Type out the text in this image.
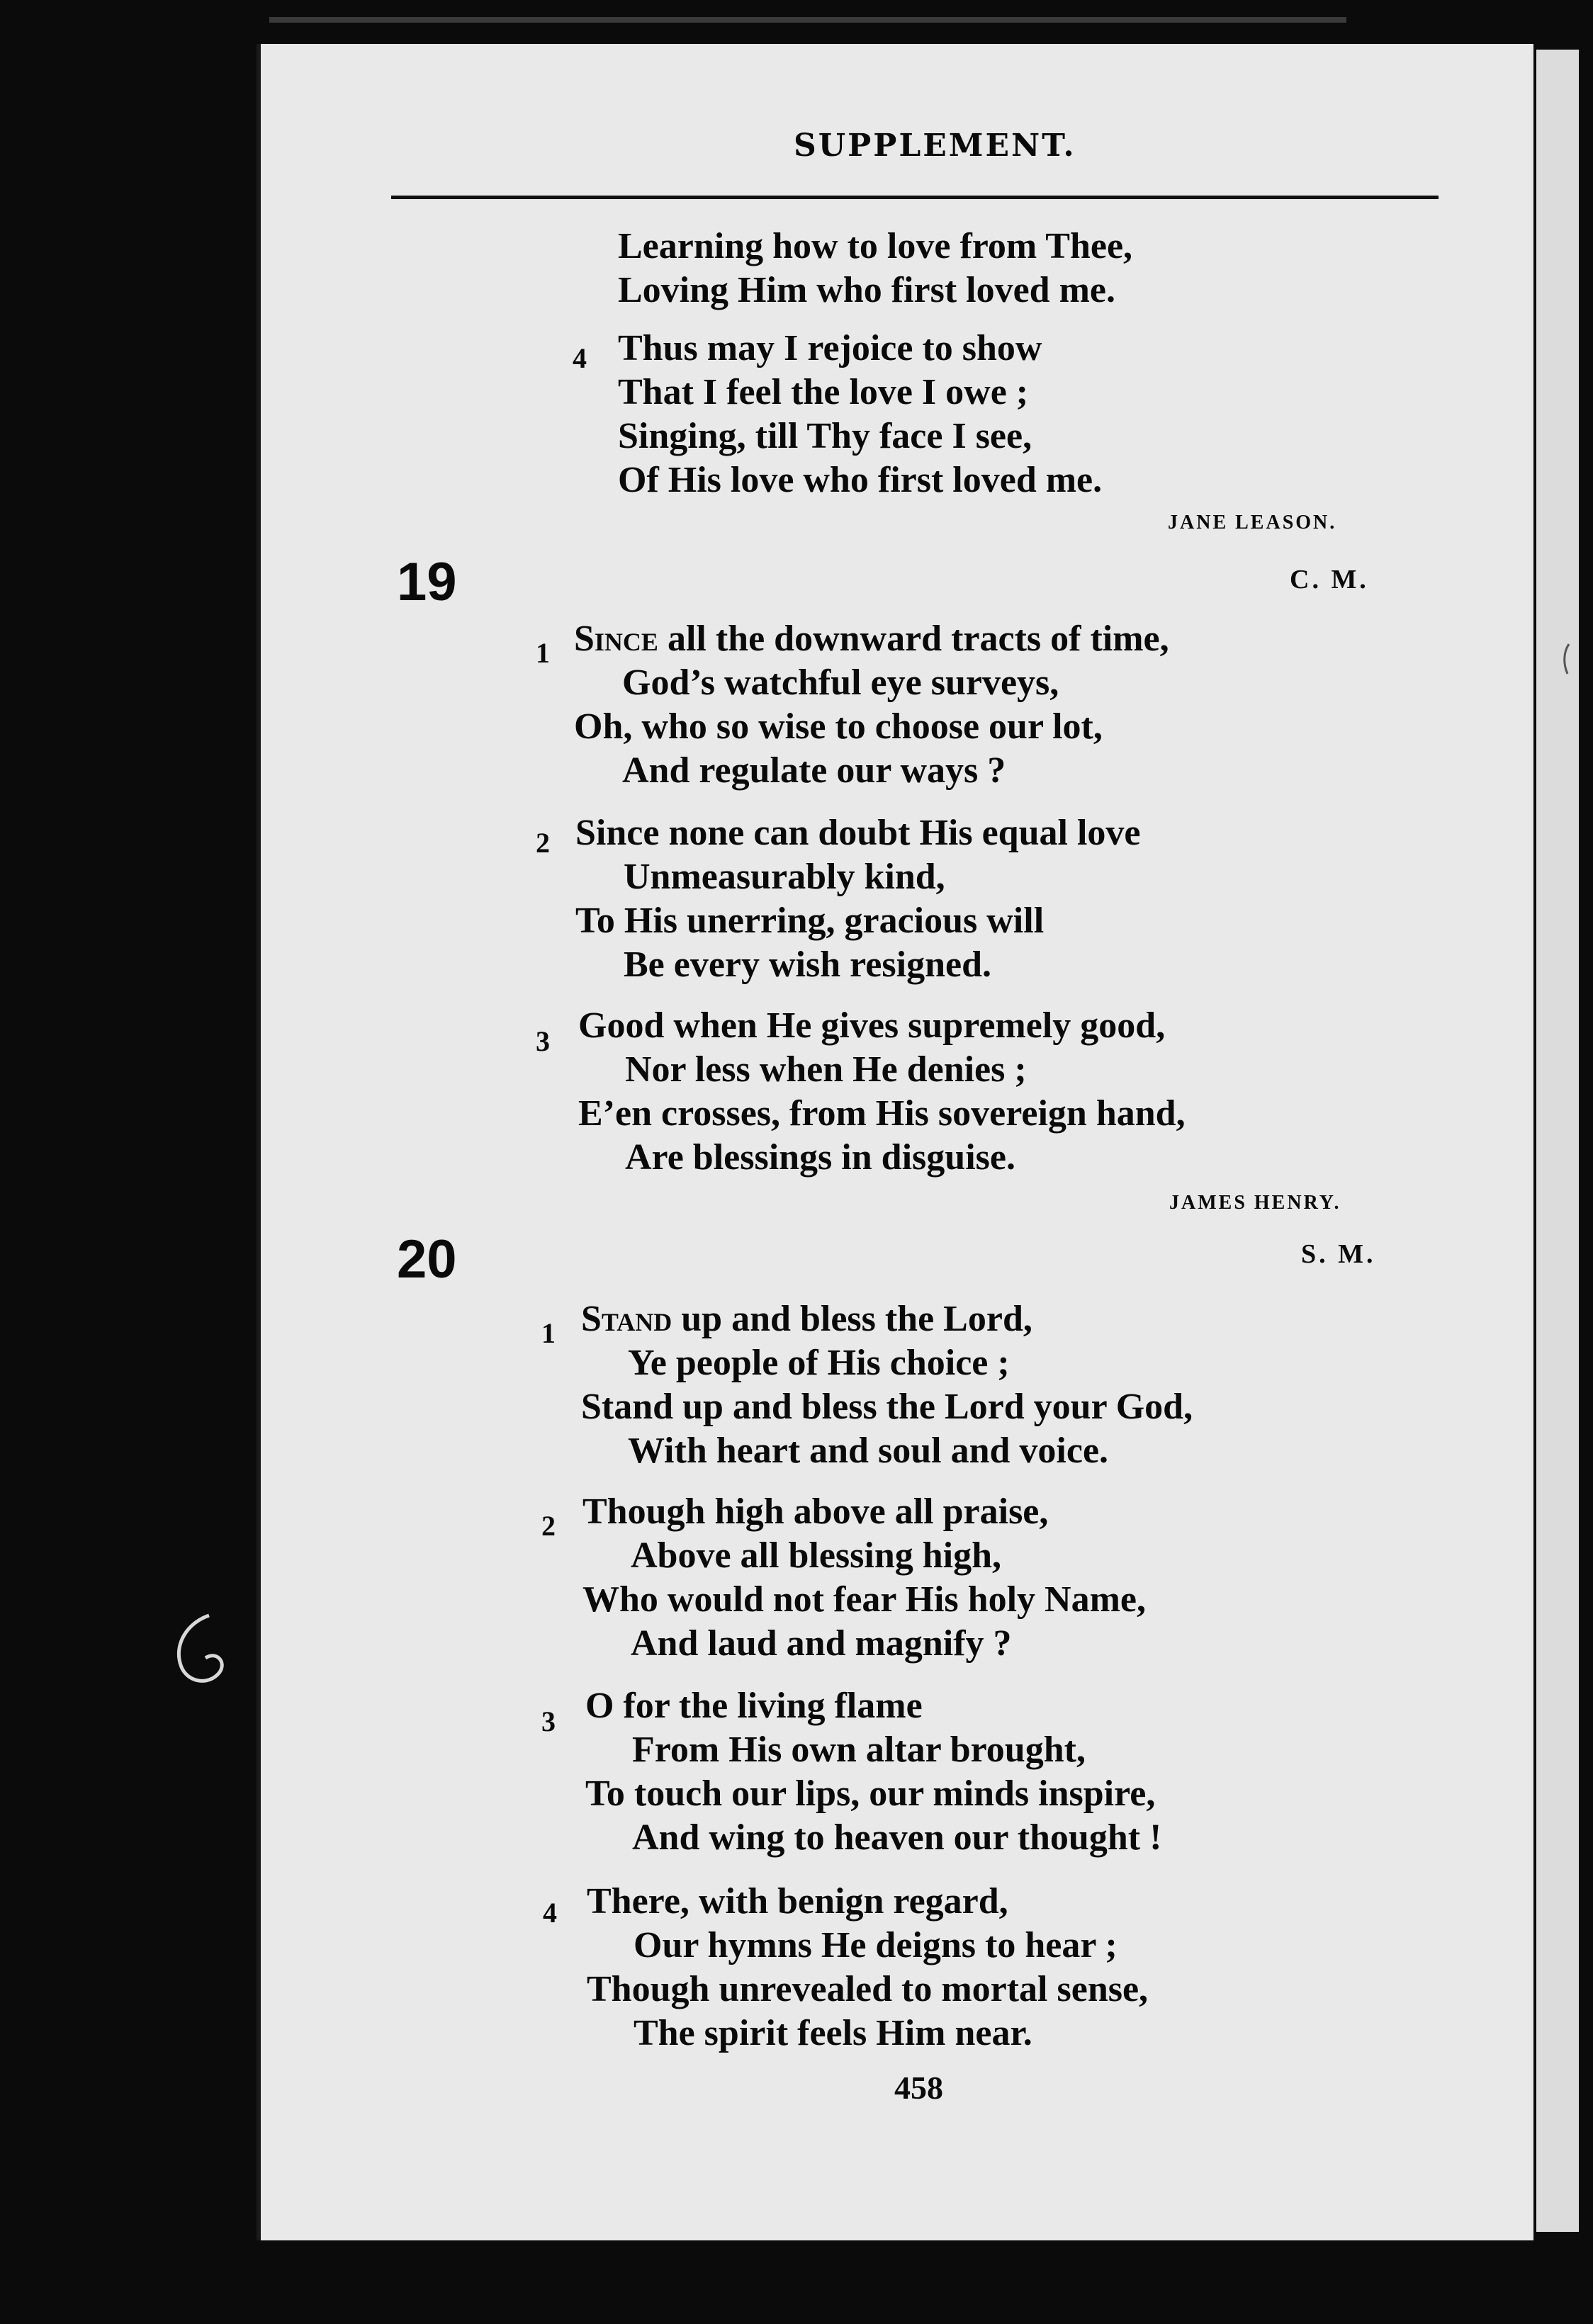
SUPPLEMENT.
Learning how to love from Thee,
Loving Him who first loved me.
4 Thus may I rejoice to show
That I feel the love I owe ;
Singing, till Thy face I see,
Of His love who first loved me.
JANE LEASON.
19	C. M.
1 Since all the downward tracts of time,
God’s watchful eye surveys,
Oh, who so wise to choose our lot,
And regulate our ways ?
2 Since none can doubt His equal love
Unmeasurably kind,
To His unerring, gracious will
Be every wish resigned.
3 Good when He gives supremely good,
Nor less when He denies ;
E’en crosses, from His sovereign hand,
Are blessings in disguise.
JAMES HENRY.
20	S. M.
1 Stand up and bless the Lord,
Ye people of His choice ;
Stand up and bless the Lord your God,
With heart and soul and voice.
2 Though high above all praise,
Above all blessing high,
Who would not fear His holy Name,
And laud and magnify ?
3 O for the living flame
From His own altar brought,
To touch our lips, our minds inspire,
And wing to heaven our thought !
4 There, with benign regard,
Our hymns He deigns to hear ;
Though unrevealed to mortal sense,
The spirit feels Him near.
458
